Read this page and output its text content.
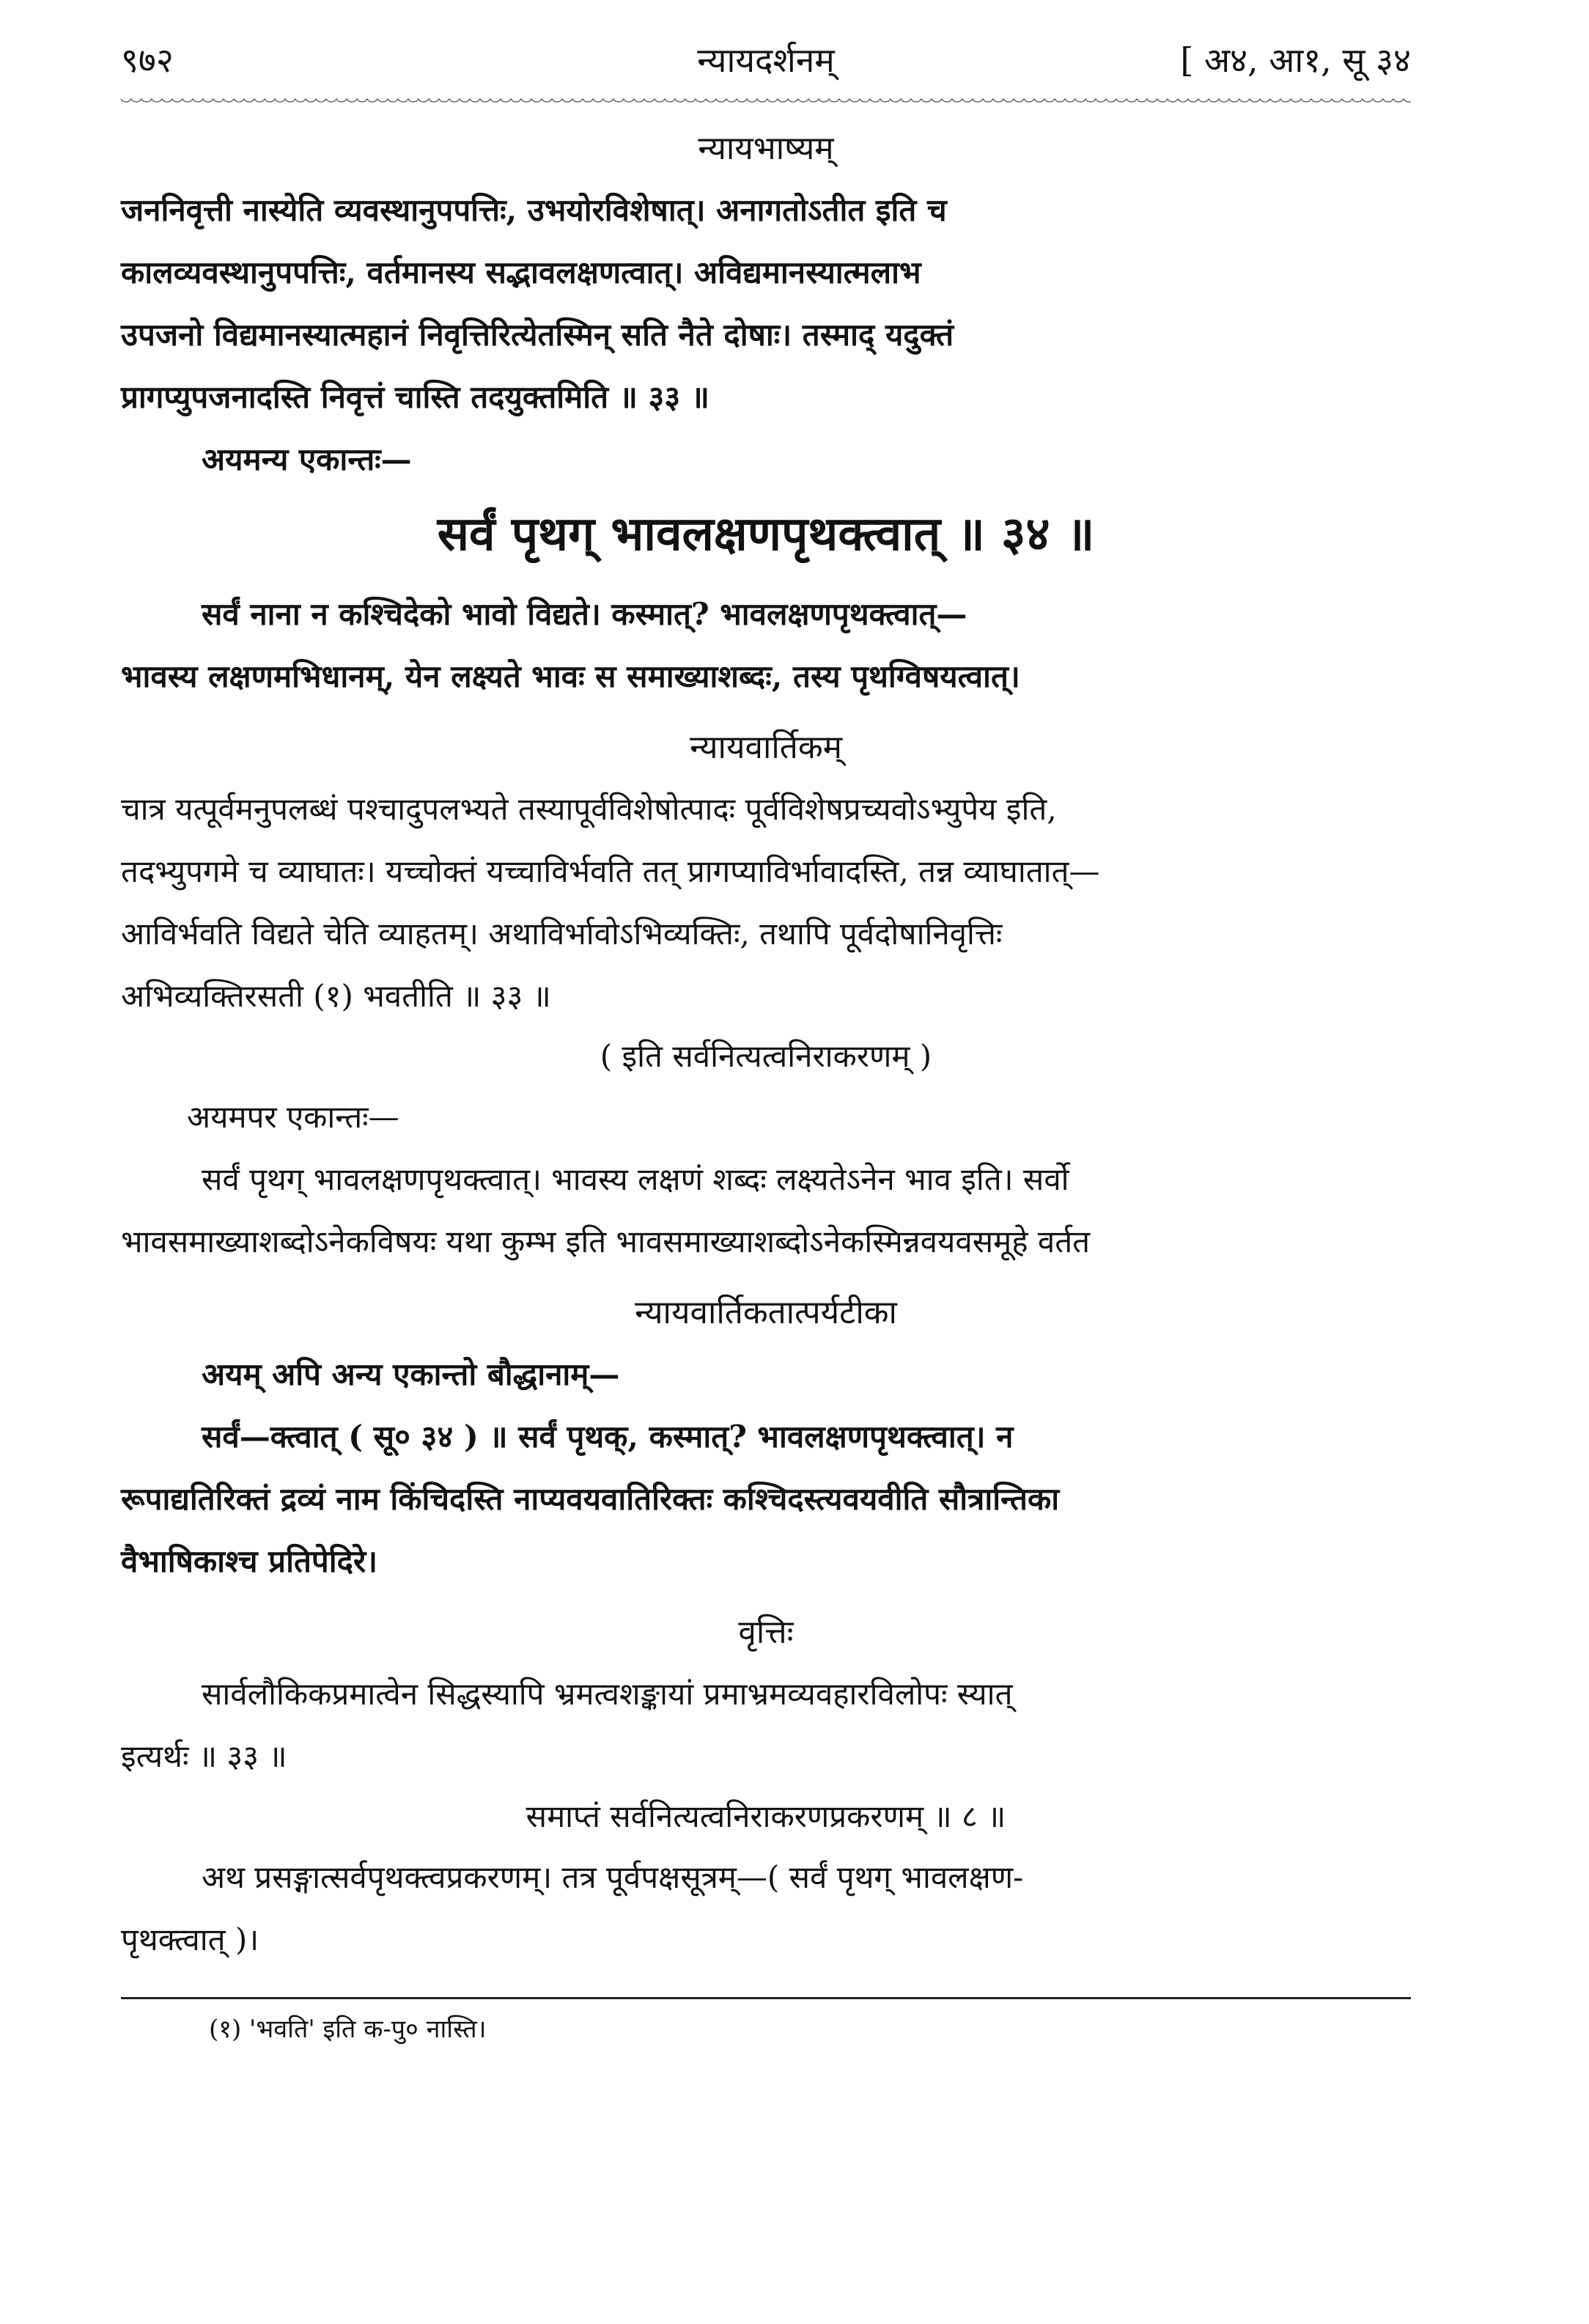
९७२	न्यायदर्शनम्	[ अ४, आ१, सू ३४
न्यायभाष्यम्

जननिवृत्ती नास्येति व्यवस्थानुपपत्तिः, उभयोरविशेषात्। अनागतोऽतीत इति च

कालव्यवस्थानुपपत्तिः, वर्तमानस्य सद्भावलक्षणत्वात्। अविद्यमानस्यात्मलाभ

उपजनो विद्यमानस्यात्महानं निवृत्तिरित्येतस्मिन् सति नैते दोषाः। तस्माद् यदुक्तं

प्रागप्युपजनादस्ति निवृत्तं चास्ति तदयुक्तमिति ॥ ३३ ॥

अयमन्य एकान्तः—

सर्वं पृथग् भावलक्षणपृथक्त्वात् ॥ ३४ ॥

सर्वं नाना न कश्चिदेको भावो विद्यते। कस्मात्? भावलक्षणपृथक्त्वात्—

भावस्य लक्षणमभिधानम्, येन लक्ष्यते भावः स समाख्याशब्दः, तस्य पृथग्विषयत्वात्।

न्यायवार्तिकम्

चात्र यत्पूर्वमनुपलब्धं पश्चादुपलभ्यते तस्यापूर्वविशेषोत्पादः पूर्वविशेषप्रच्यवोऽभ्युपेय इति,

तदभ्युपगमे च व्याघातः। यच्चोक्तं यच्चाविर्भवति तत् प्रागप्याविर्भावादस्ति, तन्न व्याघातात्—

आविर्भवति विद्यते चेति व्याहतम्। अथाविर्भावोऽभिव्यक्तिः, तथापि पूर्वदोषानिवृत्तिः

अभिव्यक्तिरसती (१) भवतीति ॥ ३३ ॥

( इति सर्वनित्यत्वनिराकरणम् )

अयमपर एकान्तः—

सर्वं पृथग् भावलक्षणपृथक्त्वात्। भावस्य लक्षणं शब्दः लक्ष्यतेऽनेन भाव इति। सर्वो

भावसमाख्याशब्दोऽनेकविषयः यथा कुम्भ इति भावसमाख्याशब्दोऽनेकस्मिन्नवयवसमूहे वर्तत

न्यायवार्तिकतात्पर्यटीका

अयम् अपि अन्य एकान्तो बौद्धानाम्—

सर्वं—क्त्वात् ( सू० ३४ ) ॥ सर्वं पृथक्, कस्मात्? भावलक्षणपृथक्त्वात्। न

रूपाद्यतिरिक्तं द्रव्यं नाम किंचिदस्ति नाप्यवयवातिरिक्तः कश्चिदस्त्यवयवीति सौत्रान्तिका

वैभाषिकाश्च प्रतिपेदिरे।

वृत्तिः

सार्वलौकिकप्रमात्वेन सिद्धस्यापि भ्रमत्वशङ्कायां प्रमाभ्रमव्यवहारविलोपः स्यात्

इत्यर्थः ॥ ३३ ॥

समाप्तं सर्वनित्यत्वनिराकरणप्रकरणम् ॥ ८ ॥

अथ प्रसङ्गात्सर्वपृथक्त्वप्रकरणम्। तत्र पूर्वपक्षसूत्रम्—( सर्वं पृथग् भावलक्षण-

पृथक्त्वात् )।

(१) 'भवति' इति क-पु० नास्ति।
